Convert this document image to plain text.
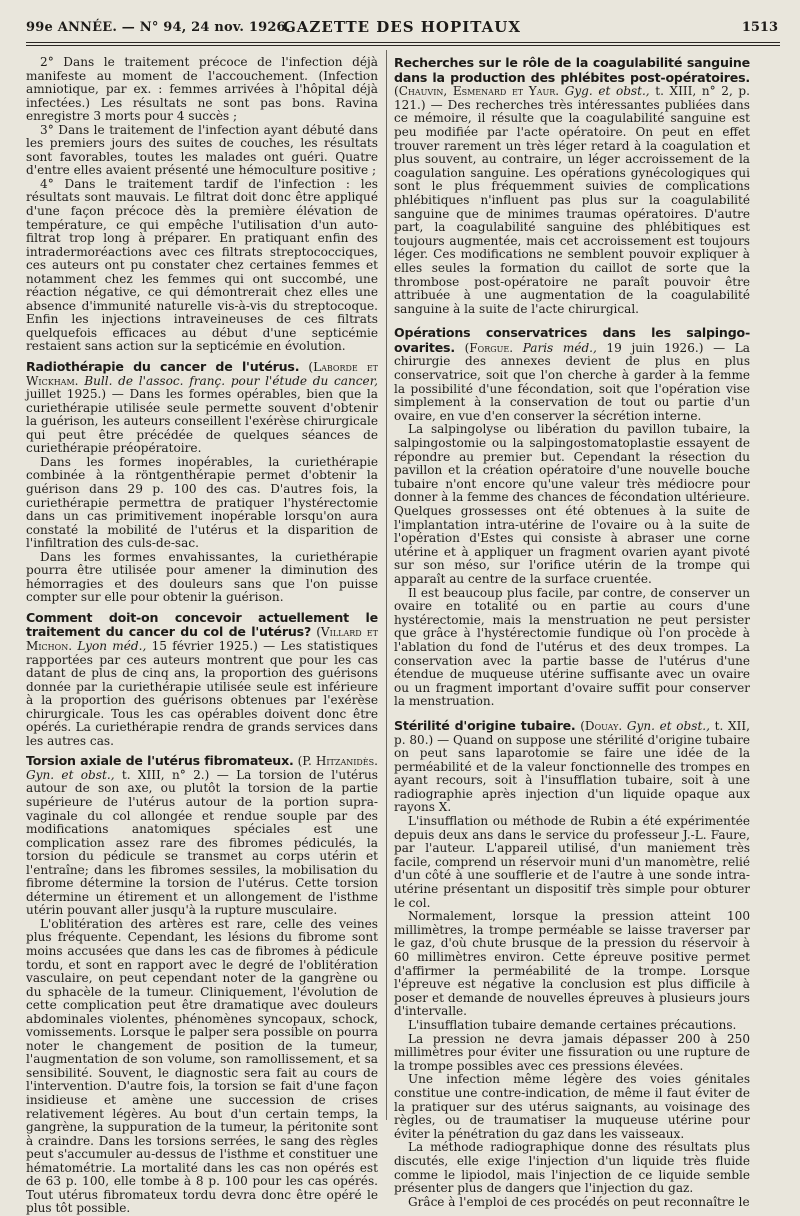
99e ANNÉE. — N° 94, 24 nov. 1926.
GAZETTE DES HOPITAUX	1513

2° Dans le traitement précoce de l'infection déjà manifeste au moment de l'accouchement. (Infection amniotique, par ex. : femmes arrivées à l'hôpital déjà infectées.) Les résultats ne sont pas bons. Ravina enregistre 3 morts pour 4 succès ;

3° Dans le traitement de l'infection ayant débuté dans les premiers jours des suites de couches, les résultats sont favorables, toutes les malades ont guéri. Quatre d'entre elles avaient présenté une hémoculture positive ;

4° Dans le traitement tardif de l'infection : les résultats sont mauvais. Le filtrat doit donc être appliqué d'une façon précoce dès la première élévation de température, ce qui empêche l'utilisation d'un auto-filtrat trop long à préparer. En pratiquant enfin des intradermoréactions avec ces filtrats streptococciques, ces auteurs ont pu constater chez certaines femmes et notamment chez les femmes qui ont succombé, une réaction négative, ce qui démontrerait chez elles une absence d'immunité naturelle vis-à-vis du streptocoque. Enfin les injections intraveineuses de ces filtrats quelquefois efficaces au début d'une septicémie restaient sans action sur la septicémie en évolution.

Radiothérapie du cancer de l'utérus. (Laborde et Wickham. Bull. de l'assoc. franç. pour l'étude du cancer, juillet 1925.) — Dans les formes opérables, bien que la curiethérapie utilisée seule permette souvent d'obtenir la guérison, les auteurs conseillent l'exérèse chirurgicale qui peut être précédée de quelques séances de curiethérapie préopératoire.

Dans les formes inopérables, la curiethérapie combinée à la röntgenthérapie permet d'obtenir la guérison dans 29 p. 100 des cas. D'autres fois, la curiethérapie permettra de pratiquer l'hystérectomie dans un cas primitivement inopérable lorsqu'on aura constaté la mobilité de l'utérus et la disparition de l'infiltration des culs-de-sac.

Dans les formes envahissantes, la curiethérapie pourra être utilisée pour amener la diminution des hémorragies et des douleurs sans que l'on puisse compter sur elle pour obtenir la guérison.

Comment doit-on concevoir actuellement le traitement du cancer du col de l'utérus? (Villard et Michon. Lyon méd., 15 février 1925.) — Les statistiques rapportées par ces auteurs montrent que pour les cas datant de plus de cinq ans, la proportion des guérisons donnée par la curiethérapie utilisée seule est inférieure à la proportion des guérisons obtenues par l'exérèse chirurgicale. Tous les cas opérables doivent donc être opérés. La curiethérapie rendra de grands services dans les autres cas.

Torsion axiale de l'utérus fibromateux. (P. Hitzanidès. Gyn. et obst., t. XIII, n° 2.) — La torsion de l'utérus autour de son axe, ou plutôt la torsion de la partie supérieure de l'utérus autour de la portion supra-vaginale du col allongée et rendue souple par des modifications anatomiques spéciales est une complication assez rare des fibromes pédiculés, la torsion du pédicule se transmet au corps utérin et l'entraîne; dans les fibromes sessiles, la mobilisation du fibrome détermine la torsion de l'utérus. Cette torsion détermine un étirement et un allongement de l'isthme utérin pouvant aller jusqu'à la rupture musculaire.

L'oblitération des artères est rare, celle des veines plus fréquente. Cependant, les lésions du fibrome sont moins accusées que dans les cas de fibromes à pédicule tordu, et sont en rapport avec le degré de l'oblitération vasculaire, on peut cependant noter de la gangrène ou du sphacèle de la tumeur. Cliniquement, l'évolution de cette complication peut être dramatique avec douleurs abdominales violentes, phénomènes syncopaux, schock, vomissements. Lorsque le palper sera possible on pourra noter le changement de position de la tumeur, l'augmentation de son volume, son ramollissement, et sa sensibilité. Souvent, le diagnostic sera fait au cours de l'intervention. D'autre fois, la torsion se fait d'une façon insidieuse et amène une succession de crises relativement légères. Au bout d'un certain temps, la gangrène, la suppuration de la tumeur, la péritonite sont à craindre. Dans les torsions serrées, le sang des règles peut s'accumuler au-dessus de l'isthme et constituer une hématométrie. La mortalité dans les cas non opérés est de 63 p. 100, elle tombe à 8 p. 100 pour les cas opérés. Tout utérus fibromateux tordu devra donc être opéré le plus tôt possible.

Recherches sur le rôle de la coagulabilité sanguine dans la production des phlébites post-opératoires. (Chauvin, Esmenard et Yaur. Gyg. et obst., t. XIII, n° 2, p. 121.) — Des recherches très intéressantes publiées dans ce mémoire, il résulte que la coagulabilité sanguine est peu modifiée par l'acte opératoire. On peut en effet trouver rarement un très léger retard à la coagulation et plus souvent, au contraire, un léger accroissement de la coagulation sanguine. Les opérations gynécologiques qui sont le plus fréquemment suivies de complications phlébitiques n'influent pas plus sur la coagulabilité sanguine que de minimes traumas opératoires. D'autre part, la coagulabilité sanguine des phlébitiques est toujours augmentée, mais cet accroissement est toujours léger. Ces modifications ne semblent pouvoir expliquer à elles seules la formation du caillot de sorte que la thrombose post-opératoire ne paraît pouvoir être attribuée à une augmentation de la coagulabilité sanguine à la suite de l'acte chirurgical.

Opérations conservatrices dans les salpingo-ovarites. (Forgue. Paris méd., 19 juin 1926.) — La chirurgie des annexes devient de plus en plus conservatrice, soit que l'on cherche à garder à la femme la possibilité d'une fécondation, soit que l'opération vise simplement à la conservation de tout ou partie d'un ovaire, en vue d'en conserver la sécrétion interne.

La salpingolyse ou libération du pavillon tubaire, la salpingostomie ou la salpingostomatoplastie essayent de répondre au premier but. Cependant la résection du pavillon et la création opératoire d'une nouvelle bouche tubaire n'ont encore qu'une valeur très médiocre pour donner à la femme des chances de fécondation ultérieure. Quelques grossesses ont été obtenues à la suite de l'implantation intra-utérine de l'ovaire ou à la suite de l'opération d'Estes qui consiste à abraser une corne utérine et à appliquer un fragment ovarien ayant pivoté sur son méso, sur l'orifice utérin de la trompe qui apparaît au centre de la surface cruentée.

Il est beaucoup plus facile, par contre, de conserver un ovaire en totalité ou en partie au cours d'une hystérectomie, mais la menstruation ne peut persister que grâce à l'hystérectomie fundique où l'on procède à l'ablation du fond de l'utérus et des deux trompes. La conservation avec la partie basse de l'utérus d'une étendue de muqueuse utérine suffisante avec un ovaire ou un fragment important d'ovaire suffit pour conserver la menstruation.

Stérilité d'origine tubaire. (Douay. Gyn. et obst., t. XII, p. 80.) — Quand on suppose une stérilité d'origine tubaire on peut sans laparotomie se faire une idée de la perméabilité et de la valeur fonctionnelle des trompes en ayant recours, soit à l'insufflation tubaire, soit à une radiographie après injection d'un liquide opaque aux rayons X.

L'insufflation ou méthode de Rubin a été expérimentée depuis deux ans dans le service du professeur J.-L. Faure, par l'auteur. L'appareil utilisé, d'un maniement très facile, comprend un réservoir muni d'un manomètre, relié d'un côté à une soufflerie et de l'autre à une sonde intra-utérine présentant un dispositif très simple pour obturer le col.

Normalement, lorsque la pression atteint 100 millimètres, la trompe perméable se laisse traverser par le gaz, d'où chute brusque de la pression du réservoir à 60 millimètres environ. Cette épreuve positive permet d'affirmer la perméabilité de la trompe. Lorsque l'épreuve est négative la conclusion est plus difficile à poser et demande de nouvelles épreuves à plusieurs jours d'intervalle.

L'insufflation tubaire demande certaines précautions.

La pression ne devra jamais dépasser 200 à 250 millimètres pour éviter une fissuration ou une rupture de la trompe possibles avec ces pressions élevées.

Une infection même légère des voies génitales constitue une contre-indication, de même il faut éviter de la pratiquer sur des utérus saignants, au voisinage des règles, ou de traumatiser la muqueuse utérine pour éviter la pénétration du gaz dans les vaisseaux.

La méthode radiographique donne des résultats plus discutés, elle exige l'injection d'un liquide très fluide comme le lipiodol, mais l'injection de ce liquide semble présenter plus de dangers que l'injection du gaz.

Grâce à l'emploi de ces procédés on peut reconnaître le
